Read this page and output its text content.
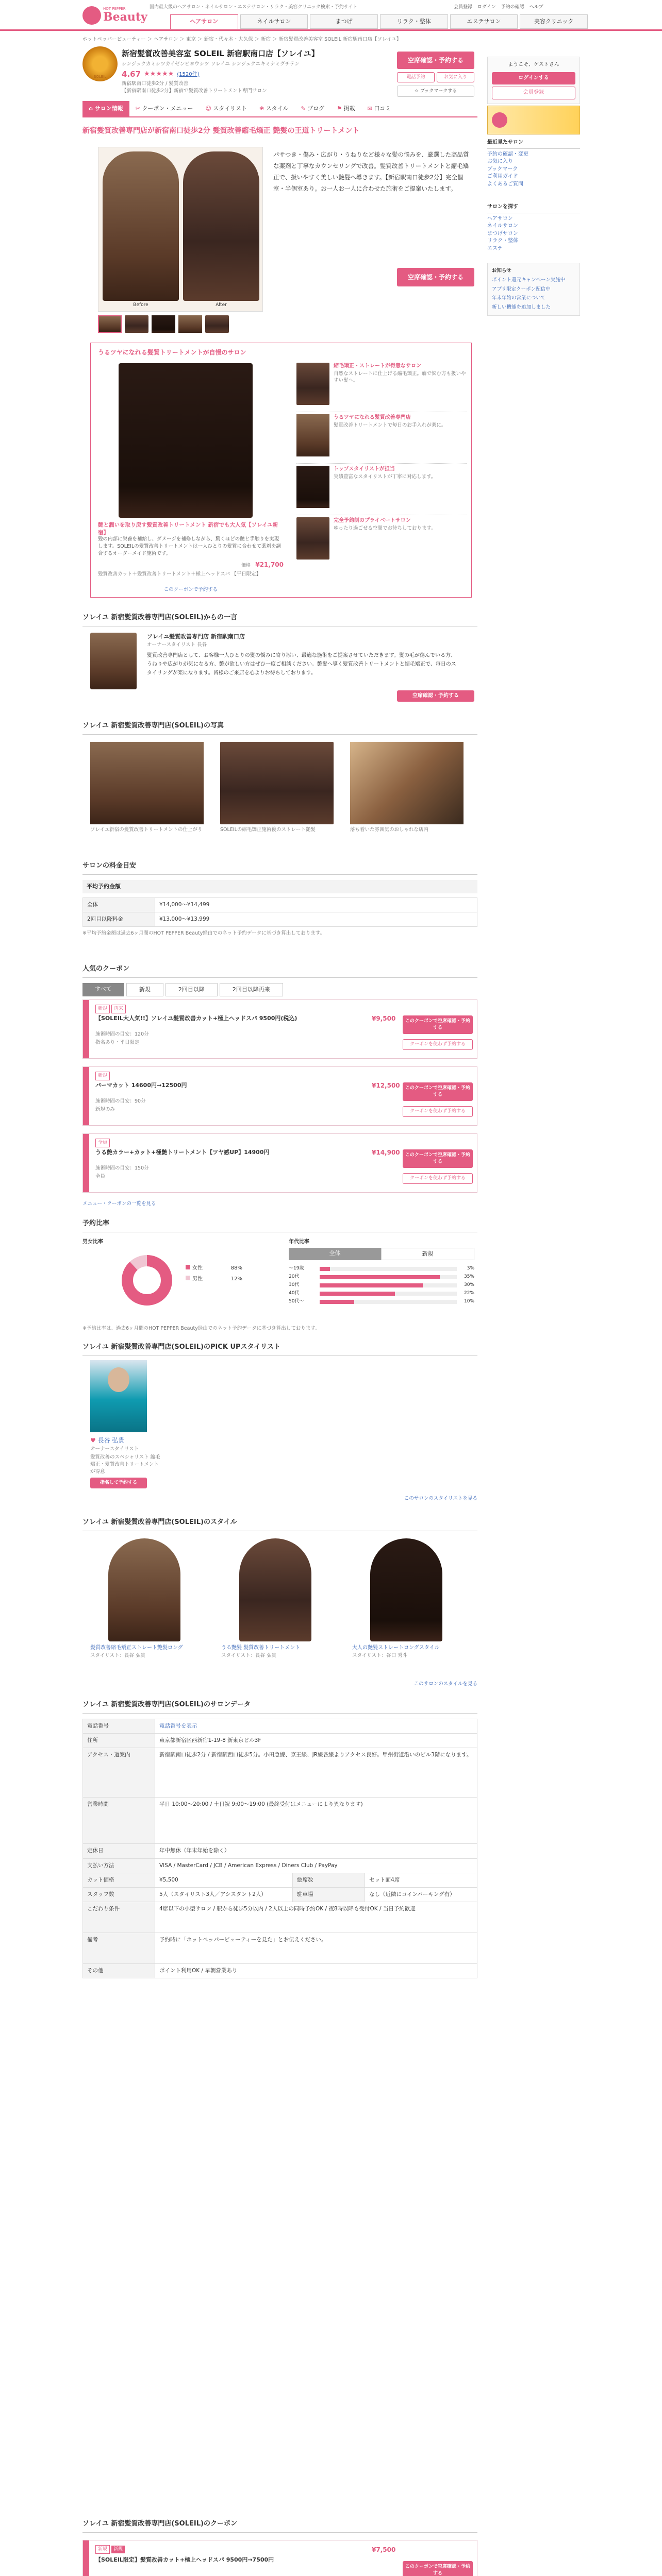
Beauty
HOT PEPPER	国内最大級のヘアサロン・ネイルサロン・エステサロン・リラク・美容クリニック検索・予約サイト	会員登録 ログイン 予約の確認 ヘルプ
ヘアサロン	ネイルサロン	まつげ	リラク・整体	エステサロン	美容クリニック
ホットペッパービューティー ＞ ヘアサロン ＞ 東京 ＞ 新宿・代々木・大久保 ＞ 新宿 ＞ 新宿髪質改善美容室 SOLEIL 新宿駅南口店【ソレイユ】
SOLEIL
新宿髪質改善美容室 SOLEIL 新宿駅南口店【ソレイユ】
シンジュクカミシツカイゼンビヨウシツ ソレイユ シンジュクエキミナミグチテン
4.67 ★★★★★ (1520件)
新宿駅南口徒歩2分 / 髪質改善
【新宿駅南口徒歩2分】新宿で髪質改善トリートメント専門サロン
空席確認・予約する
電話予約	お気に入り
☆ ブックマークする
⌂ サロン情報	✂ クーポン・メニュー	☺ スタイリスト	❀ スタイル	✎ ブログ	⚑ 掲載	✉ 口コミ
新宿髪質改善専門店が新宿南口徒歩2分 髪質改善縮毛矯正 艶髪の王道トリートメント
Before	After
パサつき・傷み・広がり・うねりなど様々な髪の悩みを、厳選した高品質な薬剤と丁寧なカウンセリングで改善。髪質改善トリートメントと縮毛矯正で、扱いやすく美しい艶髪へ導きます。【新宿駅南口徒歩2分】完全個室・半個室あり。お一人お一人に合わせた施術をご提案いたします。
空席確認・予約する
うるツヤになれる髪質トリートメントが自慢のサロン
艶と潤いを取り戻す髪質改善トリートメント 新宿でも大人気【ソレイユ新宿】
髪の内部に栄養を補給し、ダメージを補修しながら、驚くほどの艶と手触りを実現します。SOLEILの髪質改善トリートメントは一人ひとりの髪質に合わせて薬剤を調合するオーダーメイド施術です。
価格 ¥21,700
髪質改善カット＋髪質改善トリートメント＋極上ヘッドスパ 【平日限定】
このクーポンで予約する
縮毛矯正・ストレートが得意なサロン
自然なストレートに仕上げる縮毛矯正。癖で悩む方も扱いやすい髪へ。
うるツヤになれる髪質改善専門店
髪質改善トリートメントで毎日のお手入れが楽に。
トップスタイリストが担当
実績豊富なスタイリストが丁寧に対応します。
完全予約制のプライベートサロン
ゆったり過ごせる空間でお待ちしております。
ソレイユ 新宿髪質改善専門店(SOLEIL)からの一言
ソレイユ髪質改善専門店 新宿駅南口店
オーナースタイリスト 長谷
髪質改善専門店として、お客様一人ひとりの髪の悩みに寄り添い、最適な施術をご提案させていただきます。髪の毛が傷んでいる方、うねりや広がりが気になる方、艶が欲しい方はぜひ一度ご相談ください。艶髪へ導く髪質改善トリートメントと縮毛矯正で、毎日のスタイリングが楽になります。皆様のご来店を心よりお待ちしております。
空席確認・予約する
ソレイユ 新宿髪質改善専門店(SOLEIL)の写真
ソレイユ新宿の髪質改善トリートメントの仕上がり	SOLEILの縮毛矯正施術後のストレート艶髪	落ち着いた雰囲気のおしゃれな店内
サロンの料金目安
平均予約金額
全体	¥14,000～¥14,499
2回目以降料金	¥13,000～¥13,999
※平均予約金額は過去6ヶ月間のHOT PEPPER Beauty経由でのネット予約データに基づき算出しております。
人気のクーポン
すべて	新規	2回目以降	2回目以降再来
新規 再来
【SOLEIL大人気!!】ソレイユ髪質改善カット+極上ヘッドスパ 9500円(税込)	¥9,500
施術時間の目安：120分
指名あり・平日限定
このクーポンで空席確認・予約する
クーポンを使わず予約する
新規
パーマカット 14600円→12500円	¥12,500
施術時間の目安：90分
新規のみ
このクーポンで空席確認・予約する
クーポンを使わず予約する
全員
うる艶カラー+カット+極艶トリートメント【ツヤ感UP】14900円	¥14,900
施術時間の目安：150分
全員
このクーポンで空席確認・予約する
クーポンを使わず予約する
メニュー・クーポンの一覧を見る
予約比率
男女比率
女性	88%
男性	12%
年代比率
全体	新規
～19歳	3%
20代	35%
30代	30%
40代	22%
50代～	10%
※予約比率は、過去6ヶ月間のHOT PEPPER Beauty経由でのネット予約データに基づき算出しております。
ソレイユ 新宿髪質改善専門店(SOLEIL)のPICK UPスタイリスト
♥ 長谷 弘貴
オーナースタイリスト
髪質改善のスペシャリスト 縮毛矯正・髪質改善トリートメントが得意
指名して予約する
このサロンのスタイリストを見る
ソレイユ 新宿髪質改善専門店(SOLEIL)のスタイル
髪質改善縮毛矯正ストレート艶髪ロング
スタイリスト：長谷 弘貴
うる艶髪 髪質改善トリートメント
スタイリスト：長谷 弘貴
大人の艶髪ストレートロングスタイル
スタイリスト：谷口 秀斗
このサロンのスタイルを見る
ソレイユ 新宿髪質改善専門店(SOLEIL)のサロンデータ
電話番号	電話番号を表示		
住所	東京都新宿区西新宿1-19-8 新東京ビル3F		
アクセス・道案内	新宿駅南口徒歩2分 / 新宿駅西口徒歩5分。小田急線、京王線、JR線各線よりアクセス良好。甲州街道沿いのビル3階になります。		
営業時間	平日 10:00～20:00 / 土日祝 9:00～19:00 (最終受付はメニューにより異なります)		
定休日	年中無休（年末年始を除く）		
支払い方法	VISA / MasterCard / JCB / American Express / Diners Club / PayPay		
カット価格	¥5,500	総席数	セット面4席
スタッフ数	5人（スタイリスト3人／アシスタント2人）	駐車場	なし（近隣にコインパーキング有）
こだわり条件	4席以下の小型サロン / 駅から徒歩5分以内 / 2人以上の同時予約OK / 夜8時以降も受付OK / 当日予約歓迎		
備考	予約時に「ホットペッパービューティーを見た」とお伝えください。		
その他	ポイント利用OK / 早朝営業あり		
ソレイユ 新宿髪質改善専門店(SOLEIL)のクーポン
新規 新規
【SOLEIL限定】髪質改善カット+極上ヘッドスパ 9500円→7500円
¥7,500
このクーポンで空席確認・予約する
ようこそ、ゲストさん
ログインする
会員登録
最近見たサロン
予約の確認・変更
お気に入り
ブックマーク
ご利用ガイド
よくあるご質問
サロンを探す
ヘアサロン
ネイルサロン
まつげサロン
リラク・整体
エステ
お知らせ
ポイント還元キャンペーン実施中
アプリ限定クーポン配信中
年末年始の営業について
新しい機能を追加しました
